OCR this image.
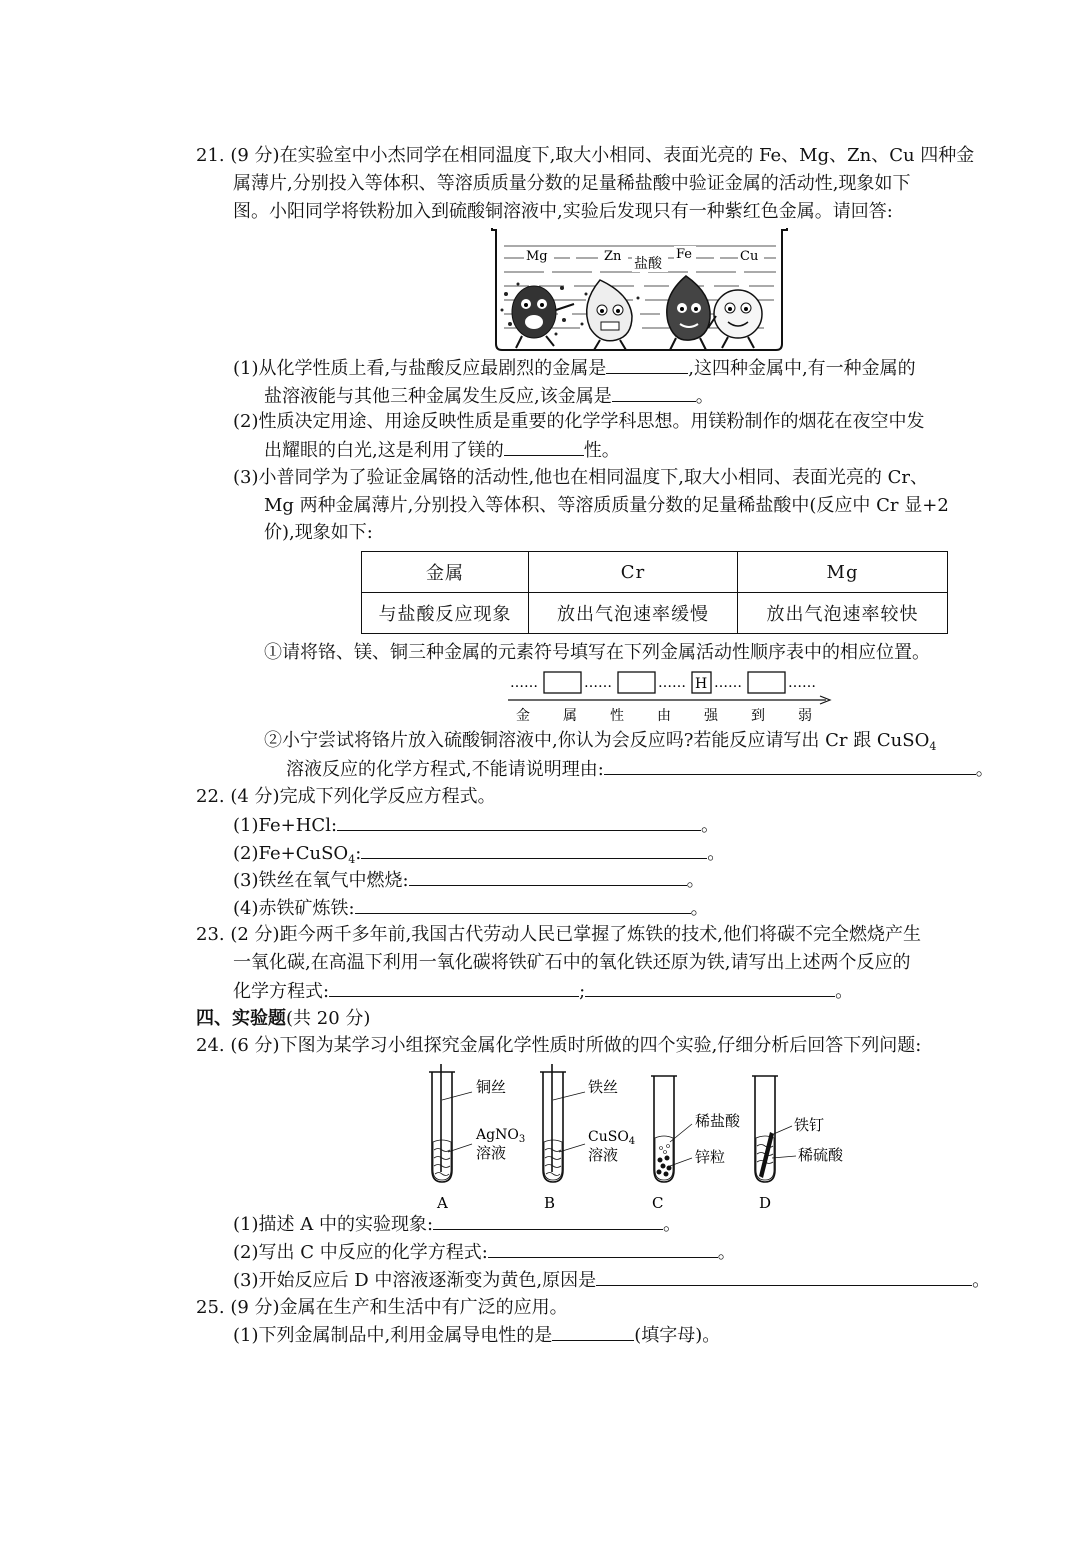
21. (9 分)在实验室中小杰同学在相同温度下,取大小相同、表面光亮的 Fe、Mg、Zn、Cu 四种金
属薄片,分别投入等体积、等溶质质量分数的足量稀盐酸中验证金属的活动性,现象如下
图。小阳同学将铁粉加入到硫酸铜溶液中,实验后发现只有一种紫红色金属。请回答:
Mg	Zn 盐酸
Fe	Cu
(1)从化学性质上看,与盐酸反应最剧烈的金属是	,这四种金属中,有一种金属的
盐溶液能与其他三种金属发生反应,该金属是	。
(2)性质决定用途、用途反映性质是重要的化学学科思想。用镁粉制作的烟花在夜空中发
出耀眼的白光,这是利用了镁的	性。
(3)小普同学为了验证金属铬的活动性,他也在相同温度下,取大小相同、表面光亮的 Cr、
Mg 两种金属薄片,分别投入等体积、等溶质质量分数的足量稀盐酸中(反应中 Cr 显+2
价),现象如下:
金属	Cr	Mg
与盐酸反应现象	放出气泡速率缓慢	放出气泡速率较快
①请将铬、镁、铜三种金属的元素符号填写在下列金属活动性顺序表中的相应位置。
……	……	…… H ……	……
金 属 性 由 强 到 弱
②小宁尝试将铬片放入硫酸铜溶液中,你认为会反应吗?若能反应请写出 Cr 跟 CuSO$_4$
溶液反应的化学方程式,不能请说明理由:	。
22. (4 分)完成下列化学反应方程式。
(1)Fe+HCl:	。
(2)Fe+CuSO$_4$:	。
(3)铁丝在氧气中燃烧:	。
(4)赤铁矿炼铁:	。
23. (2 分)距今两千多年前,我国古代劳动人民已掌握了炼铁的技术,他们将碳不完全燃烧产生
一氧化碳,在高温下利用一氧化碳将铁矿石中的氧化铁还原为铁,请写出上述两个反应的
化学方程式:	;	。
四、实验题(共 20 分)
24. (6 分)下图为某学习小组探究金属化学性质时所做的四个实验,仔细分析后回答下列问题:
铜丝
AgNO$_3$
溶液
A
铁丝
CuSO$_4$
溶液
B
稀盐酸
锌粒
C
铁钉
稀硫酸
D
(1)描述 A 中的实验现象:	。
(2)写出 C 中反应的化学方程式:	。
(3)开始反应后 D 中溶液逐渐变为黄色,原因是	。
25. (9 分)金属在生产和生活中有广泛的应用。
(1)下列金属制品中,利用金属导电性的是	(填字母)。
